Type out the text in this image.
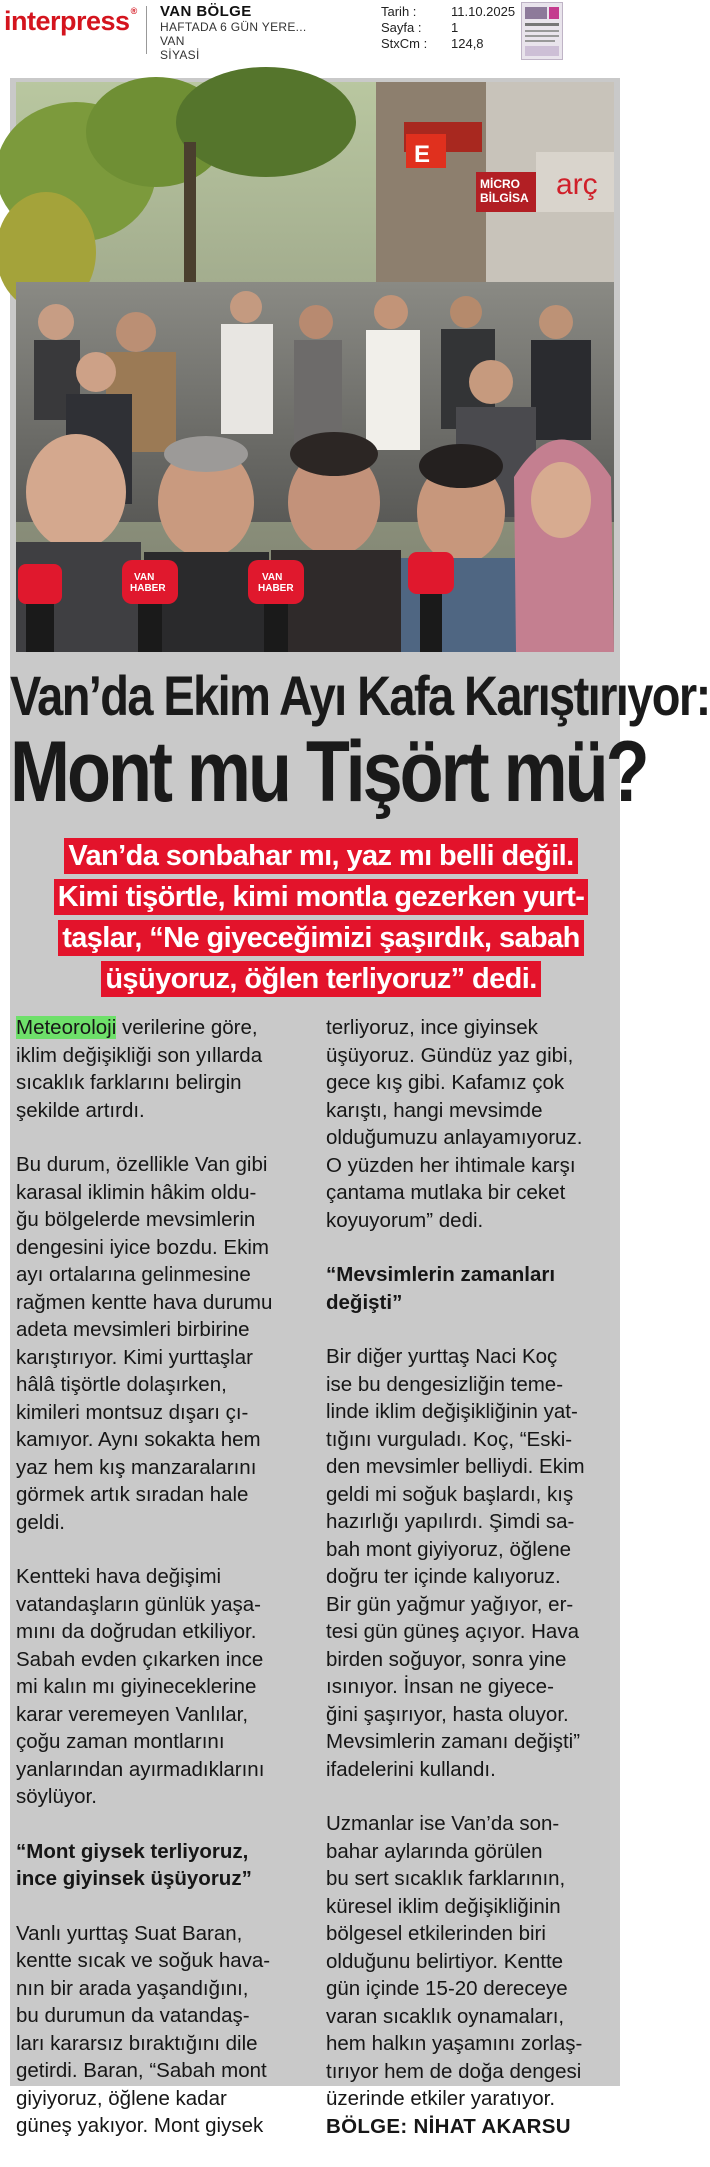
interpress® VAN BÖLGE
HAFTADA 6 GÜN YERE...
VAN
SİYASİ
Tarih :	11.10.2025
Sayfa :	1
StxCm :	124,8
E
MİCRO BİLGİSA arç
VAN HABER
VAN HABER
Van’da Ekim Ayı Kafa Karıştırıyor:
Mont mu Tişört mü?
Van’da sonbahar mı, yaz mı belli değil.
Kimi tişörtle, kimi montla gezerken yurt-
taşlar, “Ne giyeceğimizi şaşırdık, sabah
üşüyoruz, öğlen terliyoruz” dedi.

Meteoroloji verilerine göre,
iklim değişikliği son yıllarda
sıcaklık farklarını belirgin
şekilde artırdı.

Bu durum, özellikle Van gibi
karasal iklimin hâkim oldu-
ğu bölgelerde mevsimlerin
dengesini iyice bozdu. Ekim
ayı ortalarına gelinmesine
rağmen kentte hava durumu
adeta mevsimleri birbirine
karıştırıyor. Kimi yurttaşlar
hâlâ tişörtle dolaşırken,
kimileri montsuz dışarı çı-
kamıyor. Aynı sokakta hem
yaz hem kış manzaralarını
görmek artık sıradan hale
geldi.

Kentteki hava değişimi
vatandaşların günlük yaşa-
mını da doğrudan etkiliyor.
Sabah evden çıkarken ince
mi kalın mı giyineceklerine
karar veremeyen Vanlılar,
çoğu zaman montlarını
yanlarından ayırmadıklarını
söylüyor.

“Mont giysek terliyoruz,
ince giyinsek üşüyoruz”

Vanlı yurttaş Suat Baran,
kentte sıcak ve soğuk hava-
nın bir arada yaşandığını,
bu durumun da vatandaş-
ları kararsız bıraktığını dile
getirdi. Baran, “Sabah mont
giyiyoruz, öğlene kadar
güneş yakıyor. Mont giysek

terliyoruz, ince giyinsek
üşüyoruz. Gündüz yaz gibi,
gece kış gibi. Kafamız çok
karıştı, hangi mevsimde
olduğumuzu anlayamıyoruz.
O yüzden her ihtimale karşı
çantama mutlaka bir ceket
koyuyorum” dedi.

“Mevsimlerin zamanları
değişti”

Bir diğer yurttaş Naci Koç
ise bu dengesizliğin teme-
linde iklim değişikliğinin yat-
tığını vurguladı. Koç, “Eski-
den mevsimler belliydi. Ekim
geldi mi soğuk başlardı, kış
hazırlığı yapılırdı. Şimdi sa-
bah mont giyiyoruz, öğlene
doğru ter içinde kalıyoruz.
Bir gün yağmur yağıyor, er-
tesi gün güneş açıyor. Hava
birden soğuyor, sonra yine
ısınıyor. İnsan ne giyece-
ğini şaşırıyor, hasta oluyor.
Mevsimlerin zamanı değişti”
ifadelerini kullandı.

Uzmanlar ise Van’da son-
bahar aylarında görülen
bu sert sıcaklık farklarının,
küresel iklim değişikliğinin
bölgesel etkilerinden biri
olduğunu belirtiyor. Kentte
gün içinde 15-20 dereceye
varan sıcaklık oynamaları,
hem halkın yaşamını zorlaş-
tırıyor hem de doğa dengesi
üzerinde etkiler yaratıyor.

BÖLGE: NİHAT AKARSU
